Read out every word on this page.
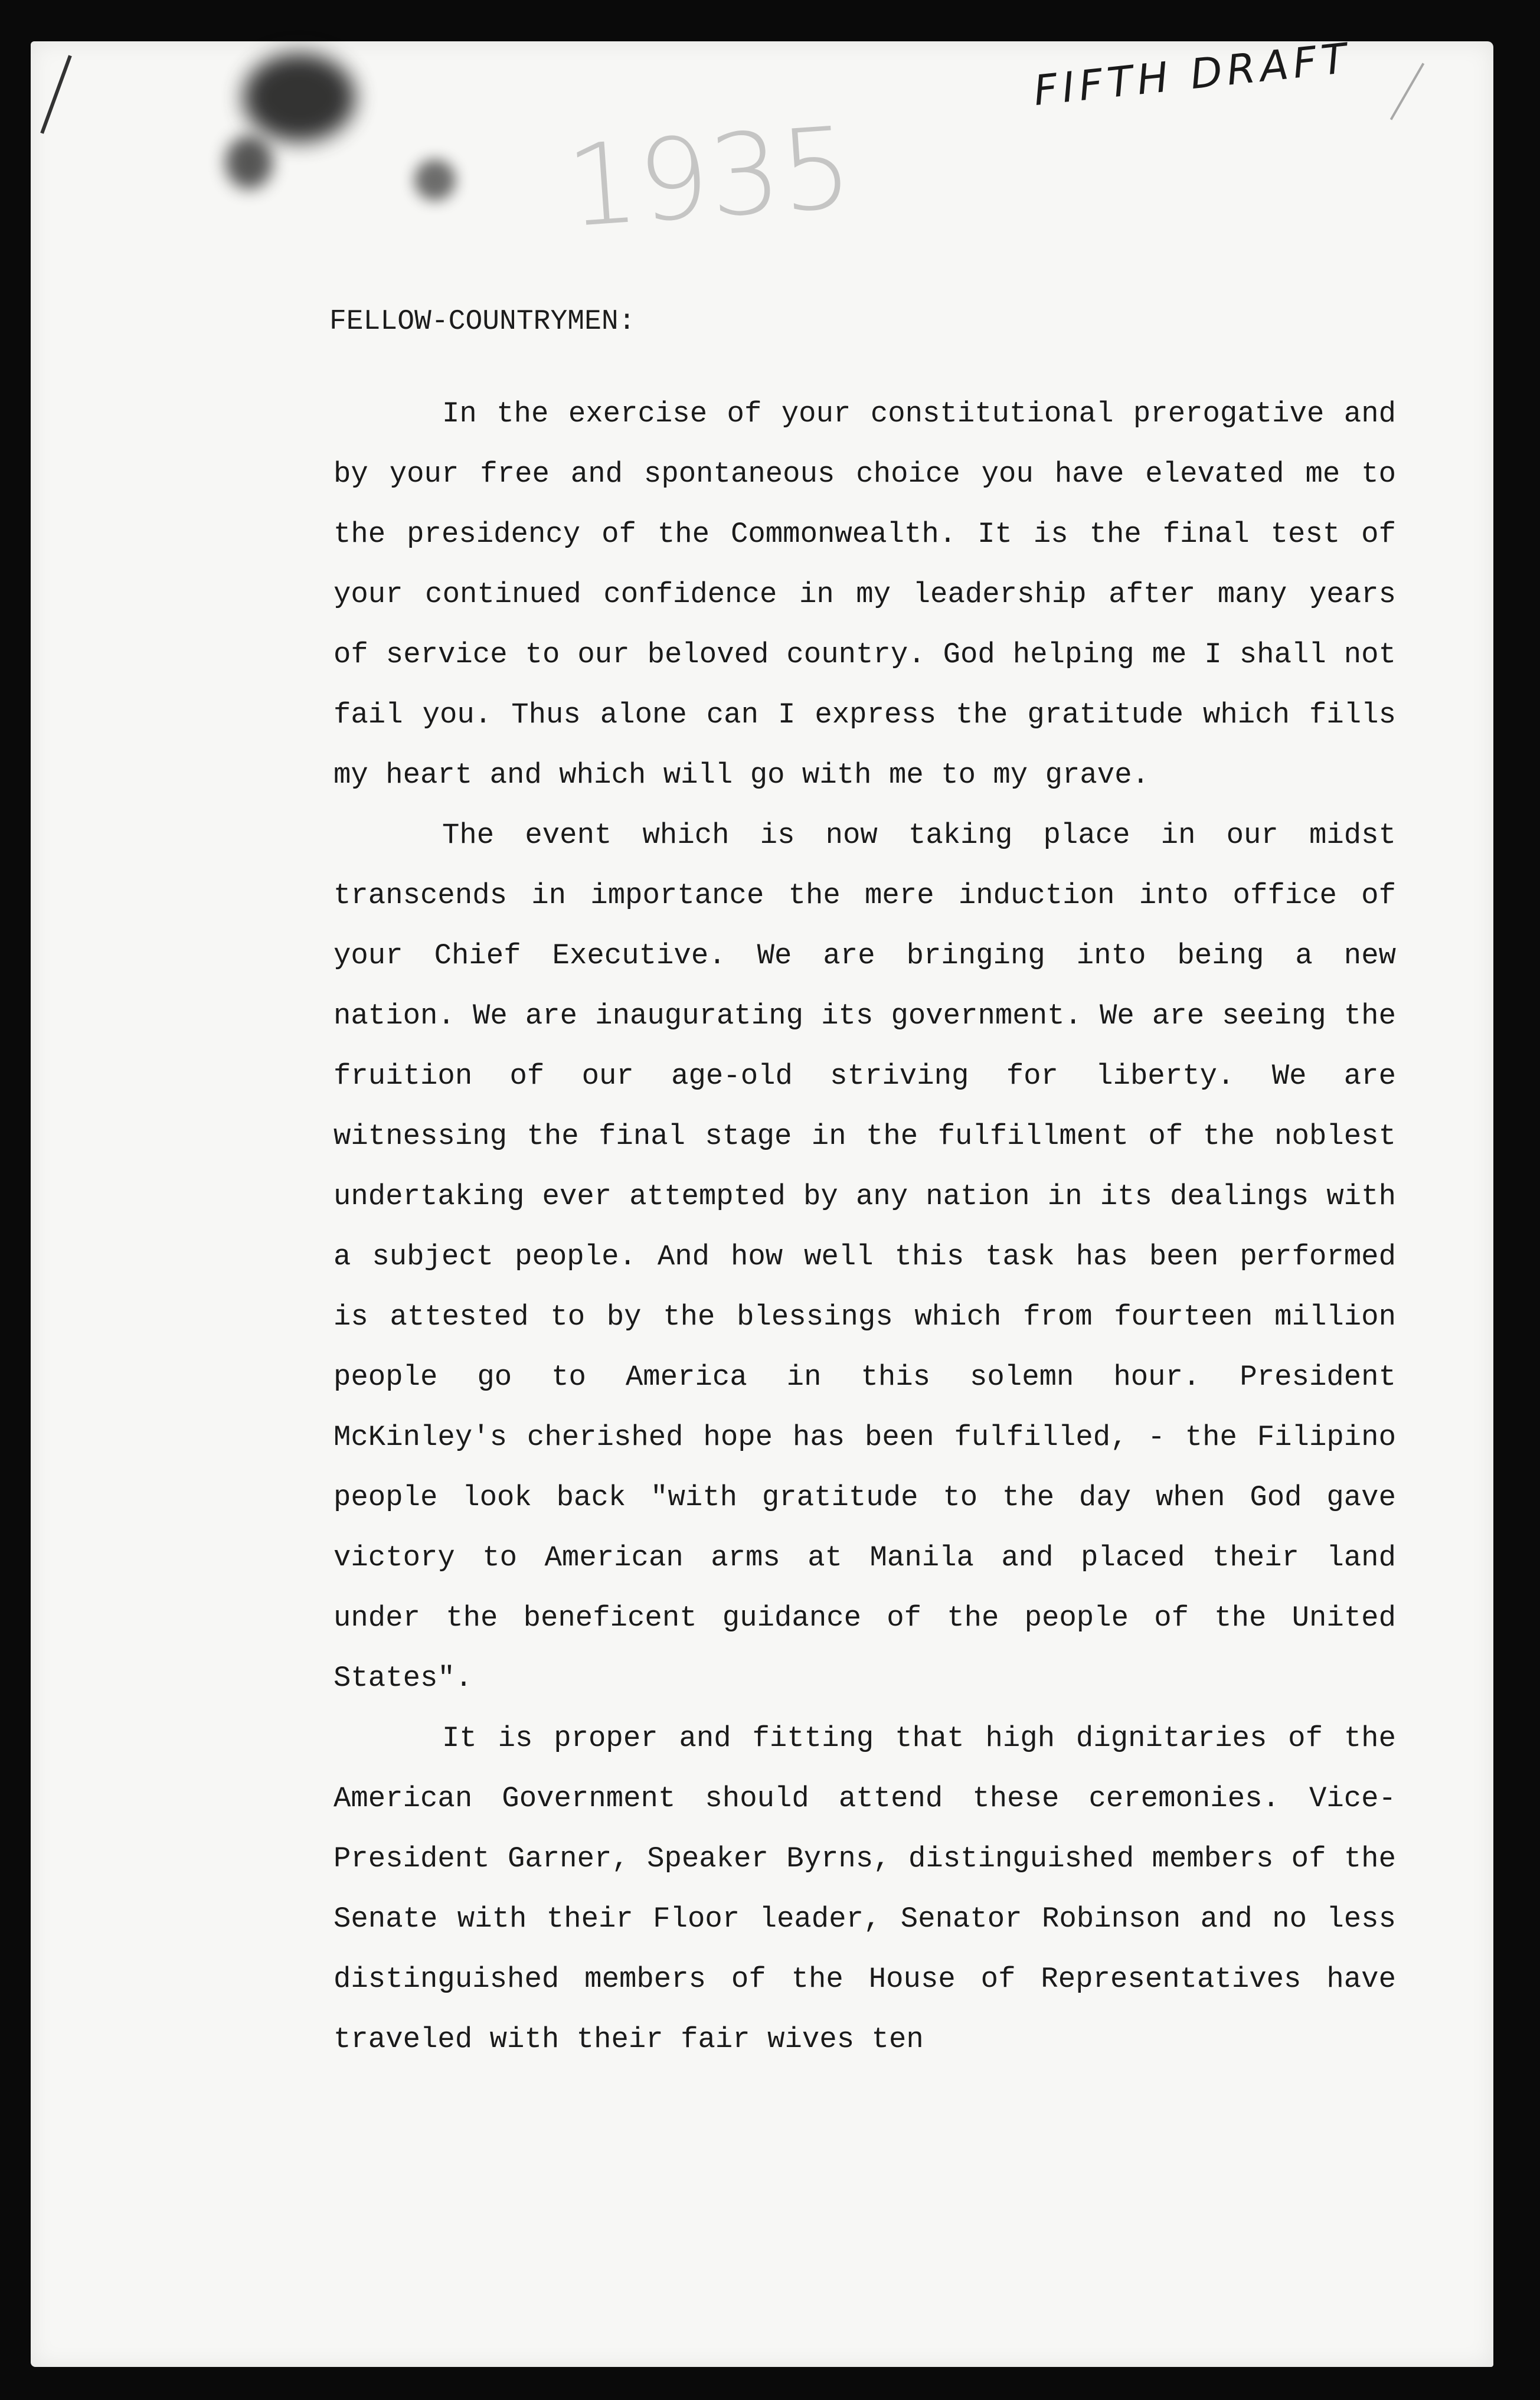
FIFTH DRAFT
1935
FELLOW-COUNTRYMEN:

In the exercise of your constitutional prerogative and by your free and spontaneous choice you have elevated me to the presidency of the Commonwealth. It is the final test of your continued confidence in my leadership after many years of service to our beloved country. God helping me I shall not fail you. Thus alone can I express the gratitude which fills my heart and which will go with me to my grave.

The event which is now taking place in our midst transcends in importance the mere induction into office of your Chief Executive. We are bringing into being a new nation. We are inaugurating its government. We are seeing the fruition of our age-old striving for liberty. We are witnessing the final stage in the fulfillment of the noblest undertaking ever attempted by any nation in its dealings with a subject people. And how well this task has been performed is attested to by the blessings which from fourteen million people go to America in this solemn hour. President McKinley's cherished hope has been fulfilled, - the Filipino people look back "with gratitude to the day when God gave victory to American arms at Manila and placed their land under the beneficent guidance of the people of the United States".

It is proper and fitting that high dignitaries of the American Government should attend these ceremonies. Vice-President Garner, Speaker Byrns, distinguished members of the Senate with their Floor leader, Senator Robinson and no less distinguished members of the House of Representatives have traveled with their fair wives ten
